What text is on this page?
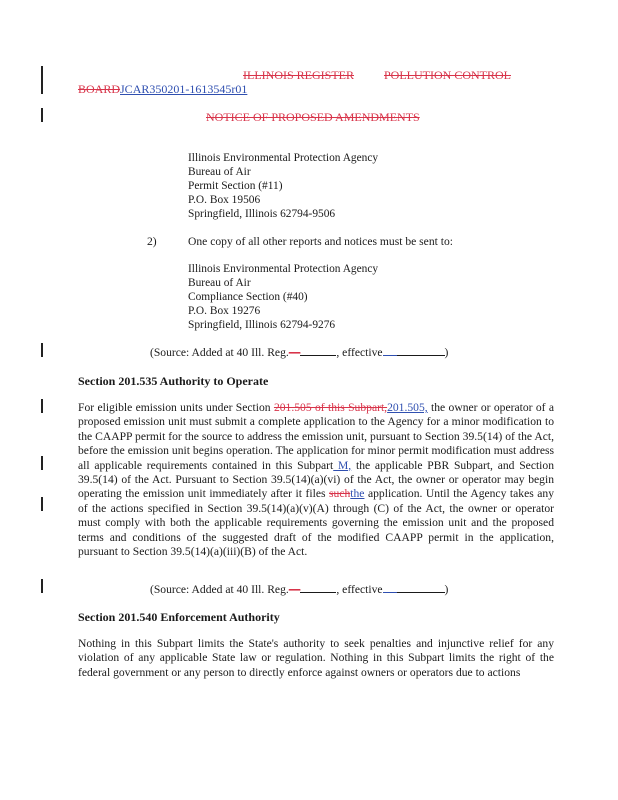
ILLINOIS REGISTER	POLLUTION CONTROL
BOARDJCAR350201-1613545r01
NOTICE OF PROPOSED AMENDMENTS
Illinois Environmental Protection Agency
Bureau of Air
Permit Section (#11)
P.O. Box 19506
Springfield, Illinois 62794-9506
2)	One copy of all other reports and notices must be sent to:
Illinois Environmental Protection Agency
Bureau of Air
Compliance Section (#40)
P.O. Box 19276
Springfield, Illinois 62794-9276
(Source: Added at 40 Ill. Reg.—	, effective	)
Section 201.535 Authority to Operate
For eligible emission units under Section 201.505 of this Subpart,201.505, the owner or operator of a proposed emission unit must submit a complete application to the Agency for a minor modification to the CAAPP permit for the source to address the emission unit, pursuant to Section 39.5(14) of the Act, before the emission unit begins operation. The application for minor permit modification must address all applicable requirements contained in this Subpart M, the applicable PBR Subpart, and Section 39.5(14) of the Act. Pursuant to Section 39.5(14)(a)(vi) of the Act, the owner or operator may begin operating the emission unit immediately after it files suchthe application. Until the Agency takes any of the actions specified in Section 39.5(14)(a)(v)(A) through (C) of the Act, the owner or operator must comply with both the applicable requirements governing the emission unit and the proposed terms and conditions of the suggested draft of the modified CAAPP permit in the application, pursuant to Section 39.5(14)(a)(iii)(B) of the Act.
(Source: Added at 40 Ill. Reg.—	, effective	)
Section 201.540 Enforcement Authority
Nothing in this Subpart limits the State's authority to seek penalties and injunctive relief for any violation of any applicable State law or regulation. Nothing in this Subpart limits the right of the federal government or any person to directly enforce against owners or operators due to actions
